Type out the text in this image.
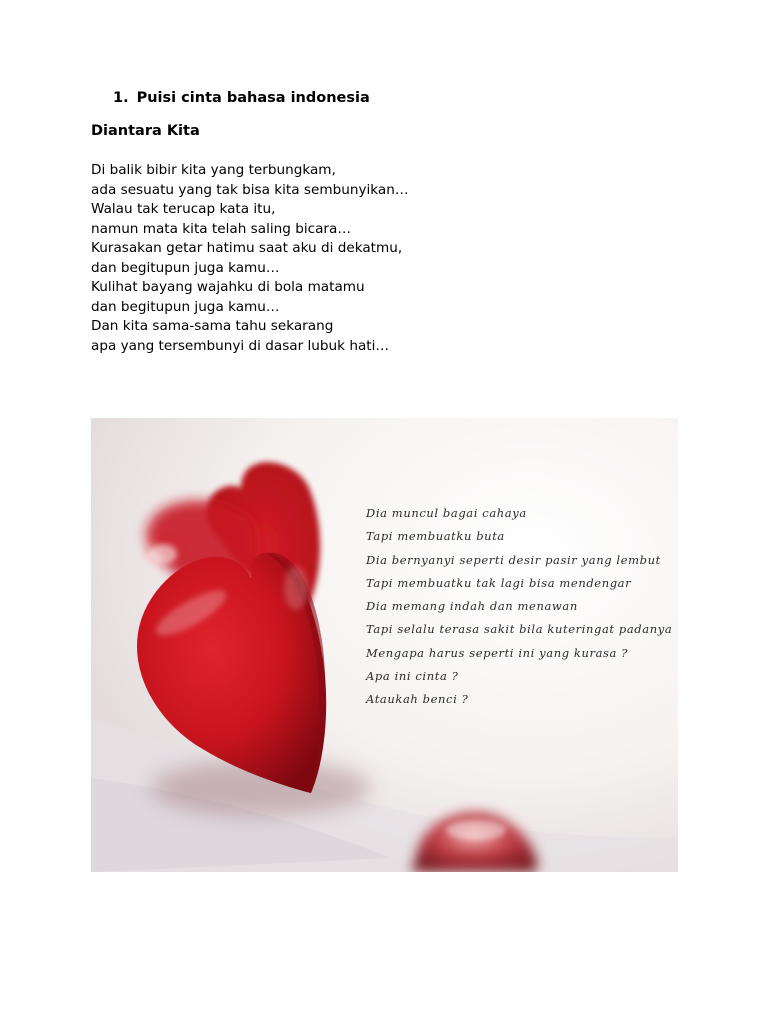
1. Puisi cinta bahasa indonesia
Diantara Kita
Di balik bibir kita yang terbungkam,
ada sesuatu yang tak bisa kita sembunyikan…
Walau tak terucap kata itu,
namun mata kita telah saling bicara…
Kurasakan getar hatimu saat aku di dekatmu,
dan begitupun juga kamu…
Kulihat bayang wajahku di bola matamu
dan begitupun juga kamu…
Dan kita sama-sama tahu sekarang
apa yang tersembunyi di dasar lubuk hati…
Dia muncul bagai cahaya
Tapi membuatku buta
Dia bernyanyi seperti desir pasir yang lembut
Tapi membuatku tak lagi bisa mendengar
Dia memang indah dan menawan
Tapi selalu terasa sakit bila kuteringat padanya
Mengapa harus seperti ini yang kurasa ?
Apa ini cinta ?
Ataukah benci ?
